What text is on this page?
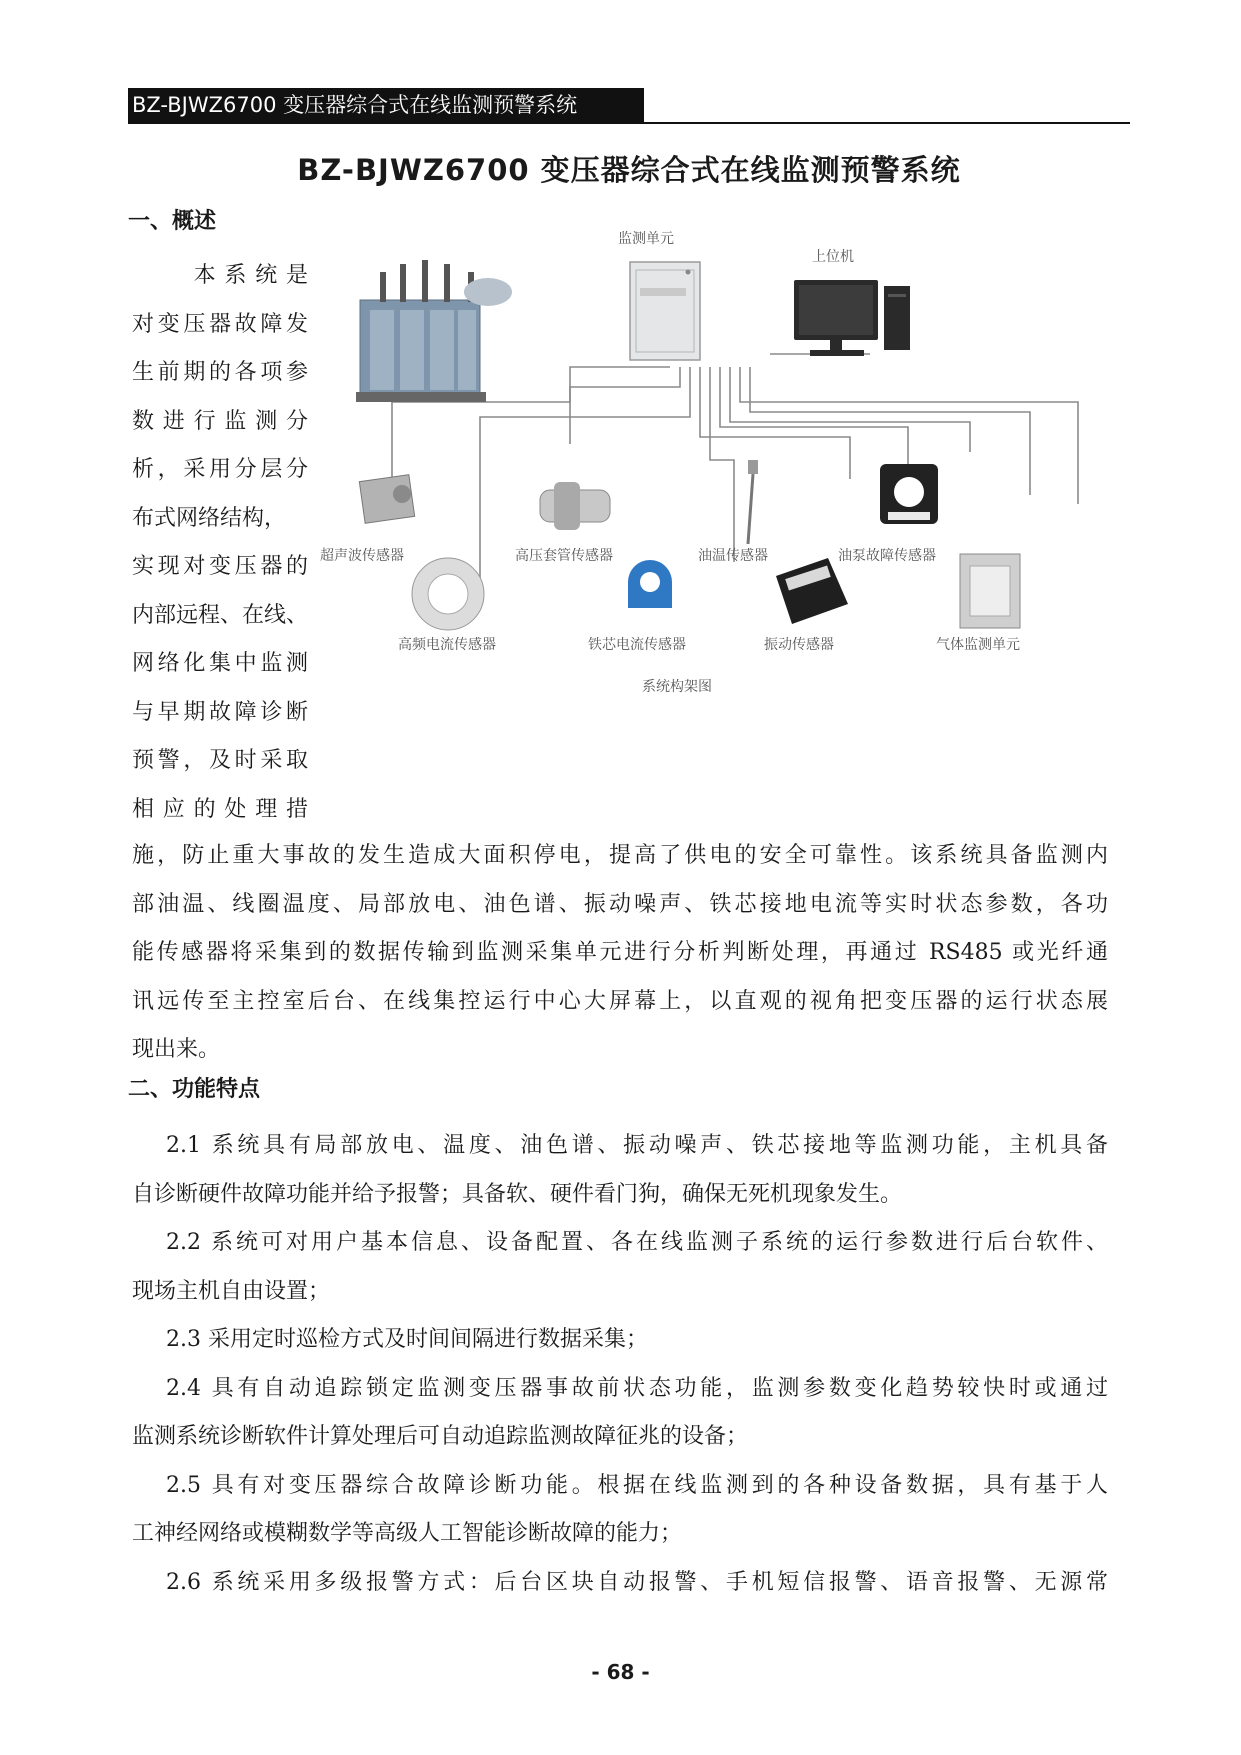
BZ-BJWZ6700 变压器综合式在线监测预警系统
BZ-BJWZ6700 变压器综合式在线监测预警系统
一、概述
　　本系统是
对变压器故障发
生前期的各项参
数进行监测分
析，采用分层分
布式网络结构，
实现对变压器的
内部远程、在线、
网络化集中监测
与早期故障诊断
预警，及时采取
相应的处理措
监测单元
上位机
超声波传感器	高压套管传感器	油温传感器	油泵故障传感器
高频电流传感器	铁芯电流传感器	振动传感器	气体监测单元
系统构架图
施，防止重大事故的发生造成大面积停电，提高了供电的安全可靠性。该系统具备监测内
部油温、线圈温度、局部放电、油色谱、振动噪声、铁芯接地电流等实时状态参数，各功
能传感器将采集到的数据传输到监测采集单元进行分析判断处理，再通过 RS485 或光纤通
讯远传至主控室后台、在线集控运行中心大屏幕上，以直观的视角把变压器的运行状态展
现出来。
二、功能特点
2.1 系统具有局部放电、温度、油色谱、振动噪声、铁芯接地等监测功能，主机具备
自诊断硬件故障功能并给予报警；具备软、硬件看门狗，确保无死机现象发生。
2.2 系统可对用户基本信息、设备配置、各在线监测子系统的运行参数进行后台软件、
现场主机自由设置；
2.3 采用定时巡检方式及时间间隔进行数据采集；
2.4 具有自动追踪锁定监测变压器事故前状态功能，监测参数变化趋势较快时或通过
监测系统诊断软件计算处理后可自动追踪监测故障征兆的设备；
2.5 具有对变压器综合故障诊断功能。根据在线监测到的各种设备数据，具有基于人
工神经网络或模糊数学等高级人工智能诊断故障的能力；
2.6 系统采用多级报警方式：后台区块自动报警、手机短信报警、语音报警、无源常
- 68 -
